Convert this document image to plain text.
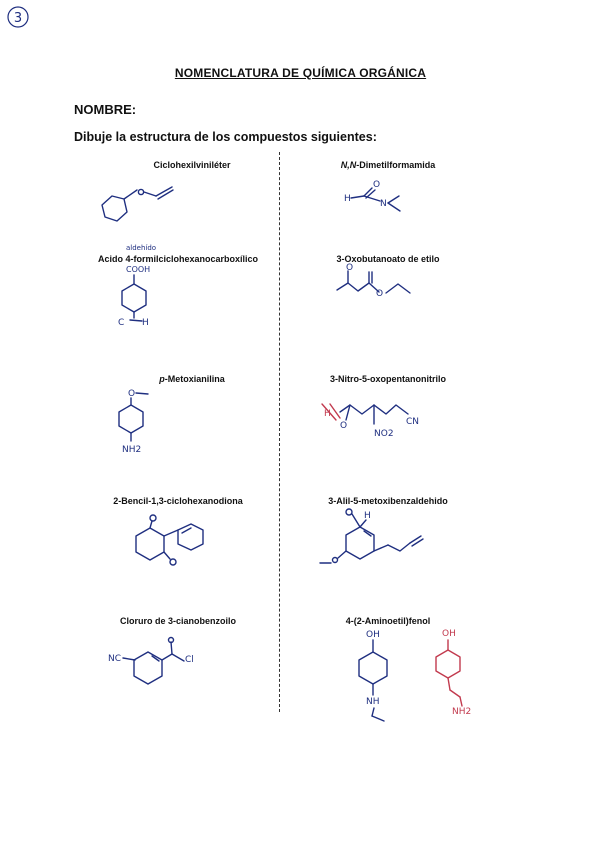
3
NOMENCLATURA DE QUÍMICA ORGÁNICA
NOMBRE:
Dibuje la estructura de los compuestos siguientes:
Ciclohexilviniléter
Acido 4-formilciclohexanocarboxílico
aldehído
p-Metoxianilina
2-Bencil-1,3-ciclohexanodiona
Cloruro de 3-cianobenzoilo
N,N-Dimetilformamida
3-Oxobutanoato de etilo
3-Nitro-5-oxopentanonitrilo
3-Alil-5-metoxibenzaldehido
4-(2-Aminoetil)fenol
H
O
N
COOH
C H
O
O
O
NH2
H
O
NO2
CN
H
NC	Cl
OH
NH
OH
NH2
